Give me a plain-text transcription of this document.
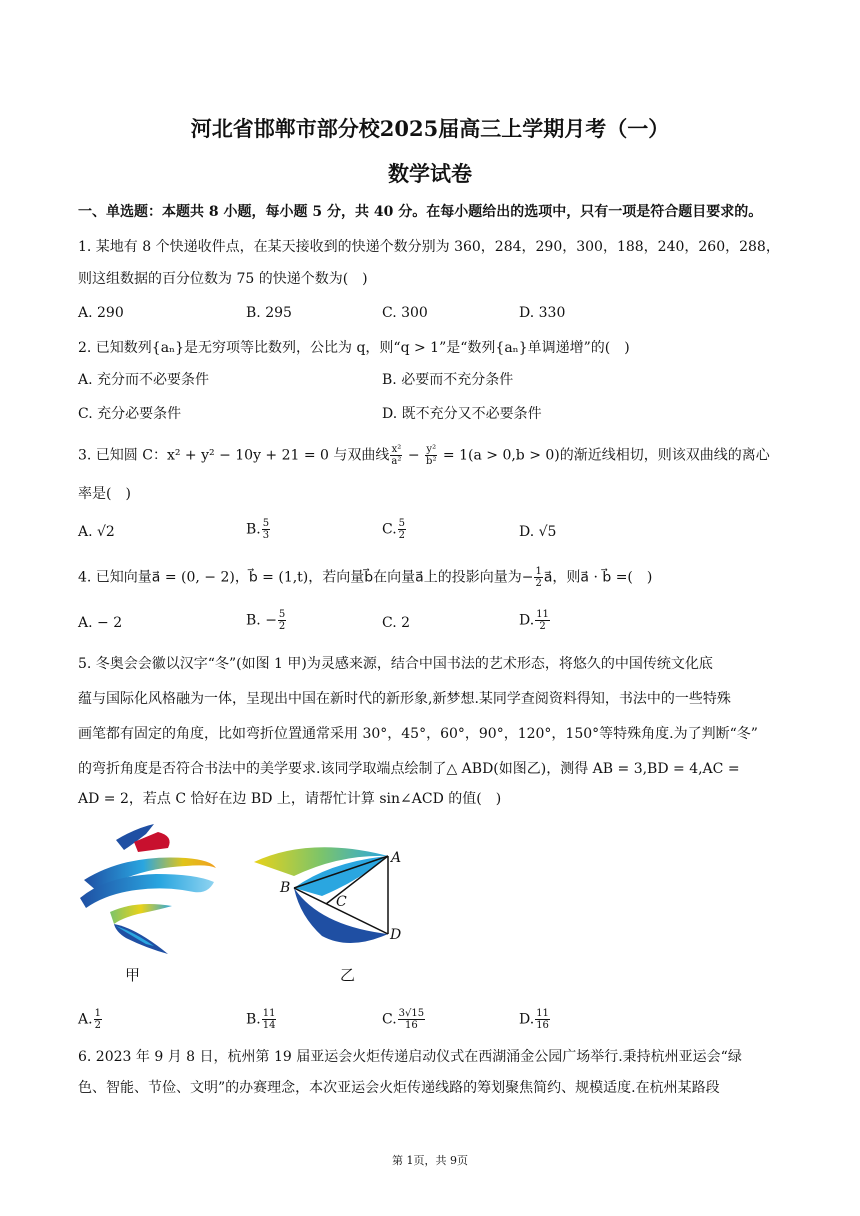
河北省邯郸市部分校2025届高三上学期月考（一）
数学试卷
一、单选题：本题共 8 小题，每小题 5 分，共 40 分。在每小题给出的选项中，只有一项是符合题目要求的。
1. 某地有 8 个快递收件点，在某天接收到的快递个数分别为 360，284，290，300，188，240，260，288，
则这组数据的百分位数为 75 的快递个数为(　)
A. 290	B. 295	C. 300	D. 330
2. 已知数列{aₙ}是无穷项等比数列，公比为 q，则“q > 1”是“数列{aₙ}单调递增”的(　)
A. 充分而不必要条件	B. 必要而不充分条件
C. 充分必要条件	D. 既不充分又不必要条件
3. 已知圆 C：x² + y² − 10y + 21 = 0 与双曲线 $\frac{\text{x²}}{\text{a²}} - \frac{\text{y²}}{\text{b²}} = 1(a > 0,b > 0)$的渐近线相切，则该双曲线的离心
率是(　)
A. √2	B. $\frac{5}{3}$	C. $\frac{5}{2}$	D. √5
4. 已知向量a⃗ = (0, − 2)，b⃗ = (1,t)，若向量b⃗在向量a⃗上的投影向量为− $\frac{1}{2}$ a⃗，则a⃗ · b⃗ =(　)
A. − 2	B. − $\frac{5}{2}$	C. 2	D. $\frac{11}{2}$
5. 冬奥会会徽以汉字“冬”(如图 1 甲)为灵感来源，结合中国书法的艺术形态，将悠久的中国传统文化底
蕴与国际化风格融为一体，呈现出中国在新时代的新形象,新梦想.某同学查阅资料得知，书法中的一些特殊
画笔都有固定的角度，比如弯折位置通常采用 30°，45°，60°，90°，120°，150°等特殊角度.为了判断“冬”
的弯折角度是否符合书法中的美学要求.该同学取端点绘制了△ ABD(如图乙)，测得 AB = 3,BD = 4,AC =
AD = 2，若点 C 恰好在边 BD 上，请帮忙计算 sin∠ACD 的值(　)
甲
A
B
C
D
乙
A. $\frac{1}{2}$	B. $\frac{11}{14}$	C. $\frac{3√15}{16}$	D. $\frac{11}{16}$
6. 2023 年 9 月 8 日，杭州第 19 届亚运会火炬传递启动仪式在西湖涌金公园广场举行.秉持杭州亚运会“绿
色、智能、节俭、文明”的办赛理念，本次亚运会火炬传递线路的筹划聚焦简约、规模适度.在杭州某路段
第 1页，共 9页
